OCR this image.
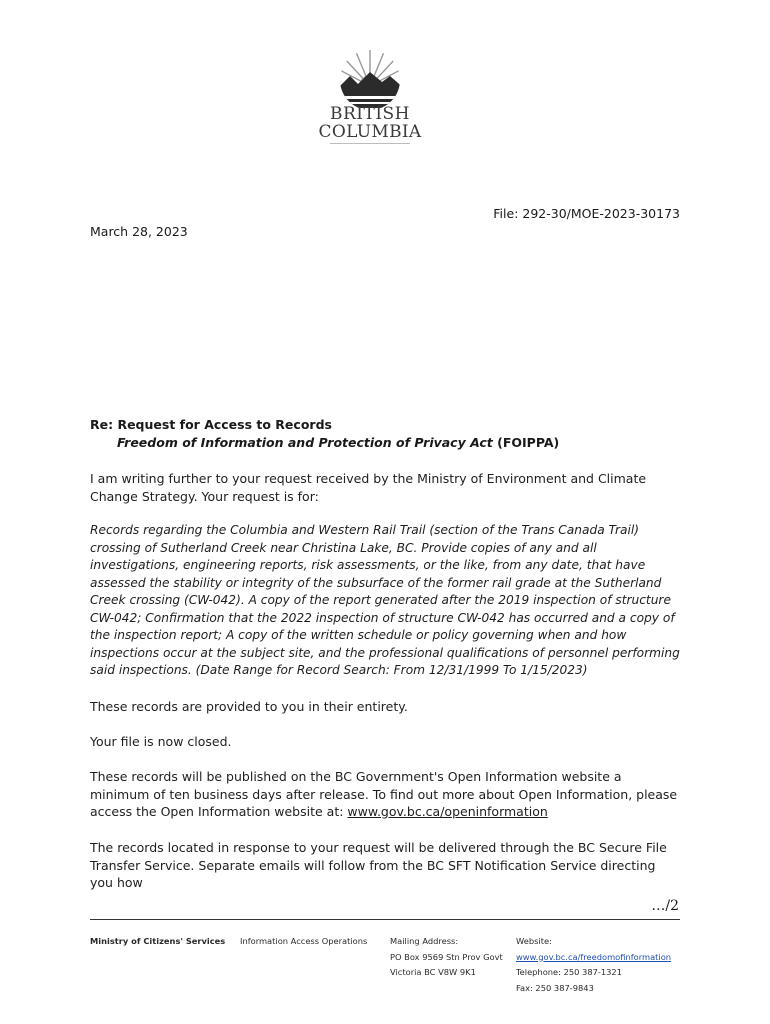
BRITISH
COLUMBIA
File: 292-30/MOE-2023-30173
March 28, 2023
Re: Request for Access to Records
Freedom of Information and Protection of Privacy Act (FOIPPA)
I am writing further to your request received by the Ministry of Environment and Climate Change Strategy. Your request is for:
Records regarding the Columbia and Western Rail Trail (section of the Trans Canada Trail) crossing of Sutherland Creek near Christina Lake, BC. Provide copies of any and all investigations, engineering reports, risk assessments, or the like, from any date, that have assessed the stability or integrity of the subsurface of the former rail grade at the Sutherland Creek crossing (CW-042). A copy of the report generated after the 2019 inspection of structure CW-042; Confirmation that the 2022 inspection of structure CW-042 has occurred and a copy of the inspection report; A copy of the written schedule or policy governing when and how inspections occur at the subject site, and the professional qualifications of personnel performing said inspections. (Date Range for Record Search: From 12/31/1999 To 1/15/2023)
These records are provided to you in their entirety.
Your file is now closed.
These records will be published on the BC Government's Open Information website a minimum of ten business days after release. To find out more about Open Information, please access the Open Information website at: www.gov.bc.ca/openinformation
The records located in response to your request will be delivered through the BC Secure File Transfer Service. Separate emails will follow from the BC SFT Notification Service directing you how
…/2
Ministry of Citizens' Services Information Access Operations	Mailing Address:
PO Box 9569 Stn Prov Govt
Victoria BC V8W 9K1
Website:
www.gov.bc.ca/freedomofinformation
Telephone: 250 387-1321
Fax: 250 387-9843
